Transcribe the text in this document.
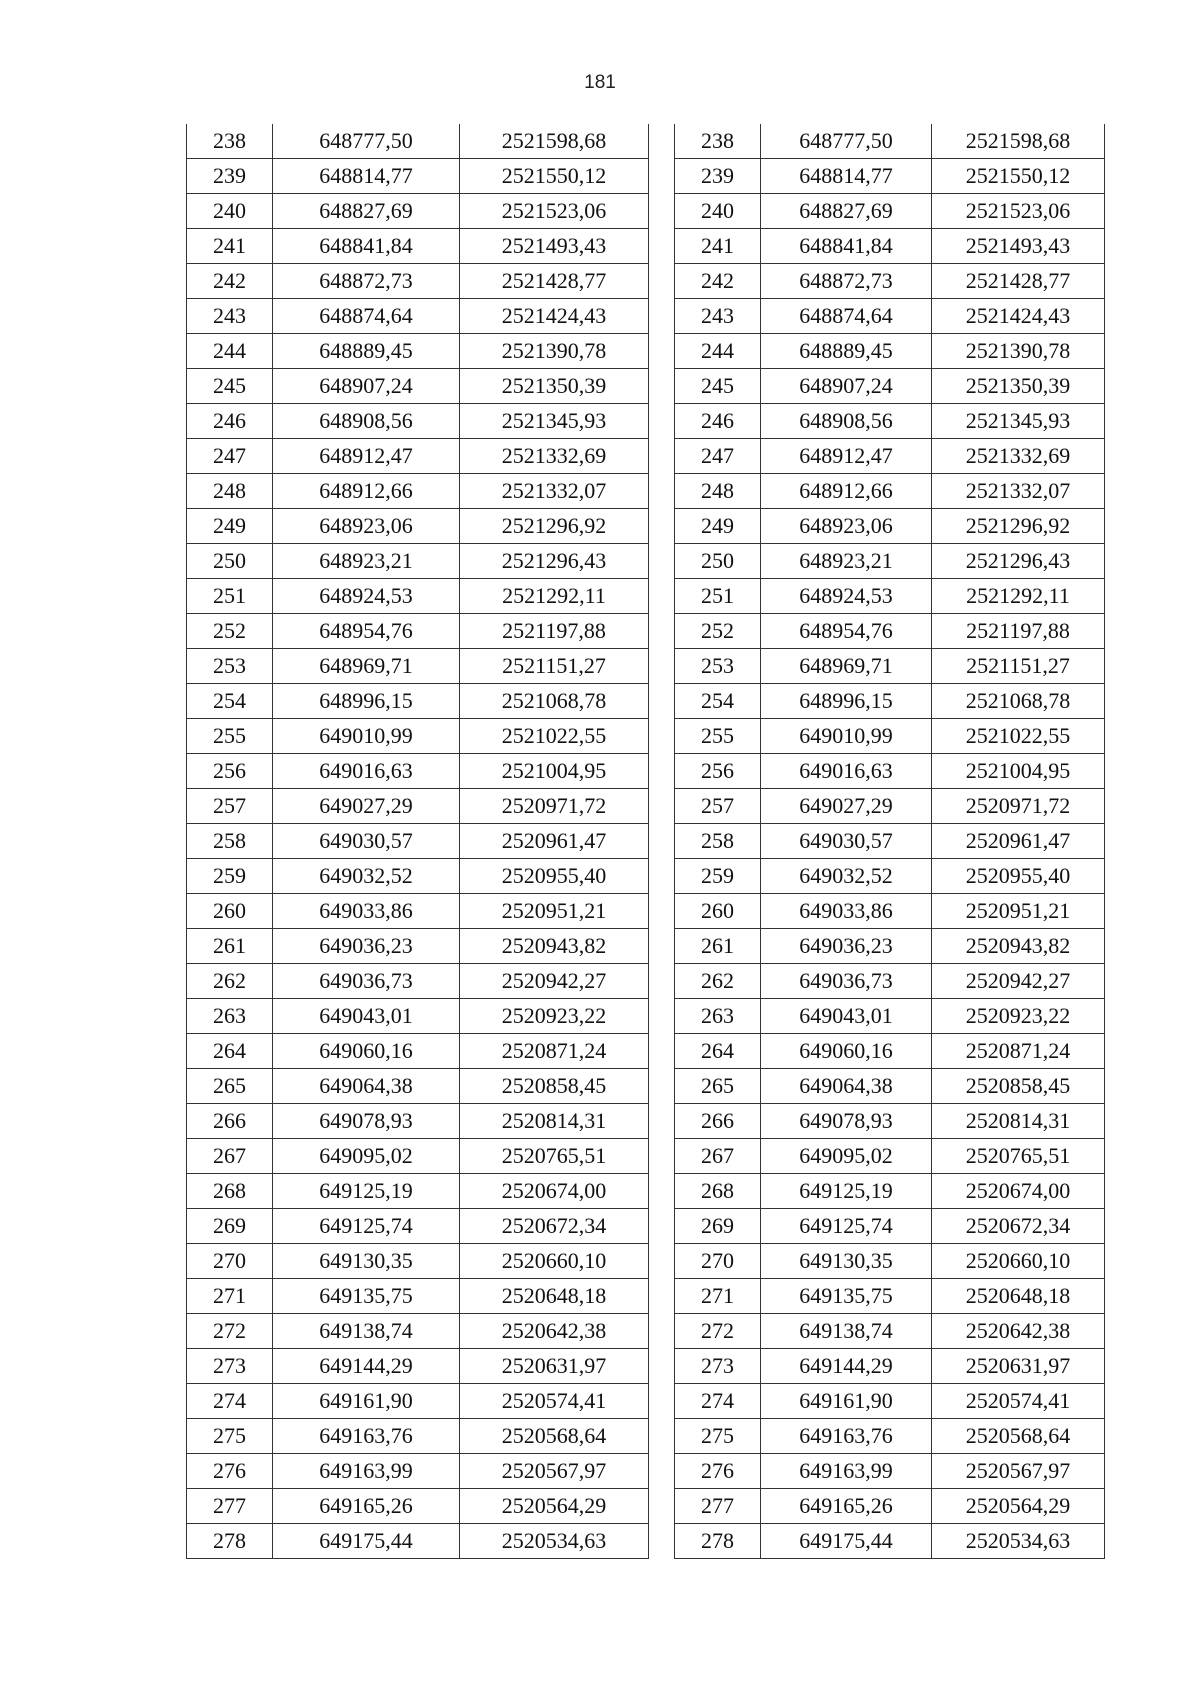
181
238	648777,50	2521598,68
239	648814,77	2521550,12
240	648827,69	2521523,06
241	648841,84	2521493,43
242	648872,73	2521428,77
243	648874,64	2521424,43
244	648889,45	2521390,78
245	648907,24	2521350,39
246	648908,56	2521345,93
247	648912,47	2521332,69
248	648912,66	2521332,07
249	648923,06	2521296,92
250	648923,21	2521296,43
251	648924,53	2521292,11
252	648954,76	2521197,88
253	648969,71	2521151,27
254	648996,15	2521068,78
255	649010,99	2521022,55
256	649016,63	2521004,95
257	649027,29	2520971,72
258	649030,57	2520961,47
259	649032,52	2520955,40
260	649033,86	2520951,21
261	649036,23	2520943,82
262	649036,73	2520942,27
263	649043,01	2520923,22
264	649060,16	2520871,24
265	649064,38	2520858,45
266	649078,93	2520814,31
267	649095,02	2520765,51
268	649125,19	2520674,00
269	649125,74	2520672,34
270	649130,35	2520660,10
271	649135,75	2520648,18
272	649138,74	2520642,38
273	649144,29	2520631,97
274	649161,90	2520574,41
275	649163,76	2520568,64
276	649163,99	2520567,97
277	649165,26	2520564,29
278	649175,44	2520534,63
238	648777,50	2521598,68
239	648814,77	2521550,12
240	648827,69	2521523,06
241	648841,84	2521493,43
242	648872,73	2521428,77
243	648874,64	2521424,43
244	648889,45	2521390,78
245	648907,24	2521350,39
246	648908,56	2521345,93
247	648912,47	2521332,69
248	648912,66	2521332,07
249	648923,06	2521296,92
250	648923,21	2521296,43
251	648924,53	2521292,11
252	648954,76	2521197,88
253	648969,71	2521151,27
254	648996,15	2521068,78
255	649010,99	2521022,55
256	649016,63	2521004,95
257	649027,29	2520971,72
258	649030,57	2520961,47
259	649032,52	2520955,40
260	649033,86	2520951,21
261	649036,23	2520943,82
262	649036,73	2520942,27
263	649043,01	2520923,22
264	649060,16	2520871,24
265	649064,38	2520858,45
266	649078,93	2520814,31
267	649095,02	2520765,51
268	649125,19	2520674,00
269	649125,74	2520672,34
270	649130,35	2520660,10
271	649135,75	2520648,18
272	649138,74	2520642,38
273	649144,29	2520631,97
274	649161,90	2520574,41
275	649163,76	2520568,64
276	649163,99	2520567,97
277	649165,26	2520564,29
278	649175,44	2520534,63
